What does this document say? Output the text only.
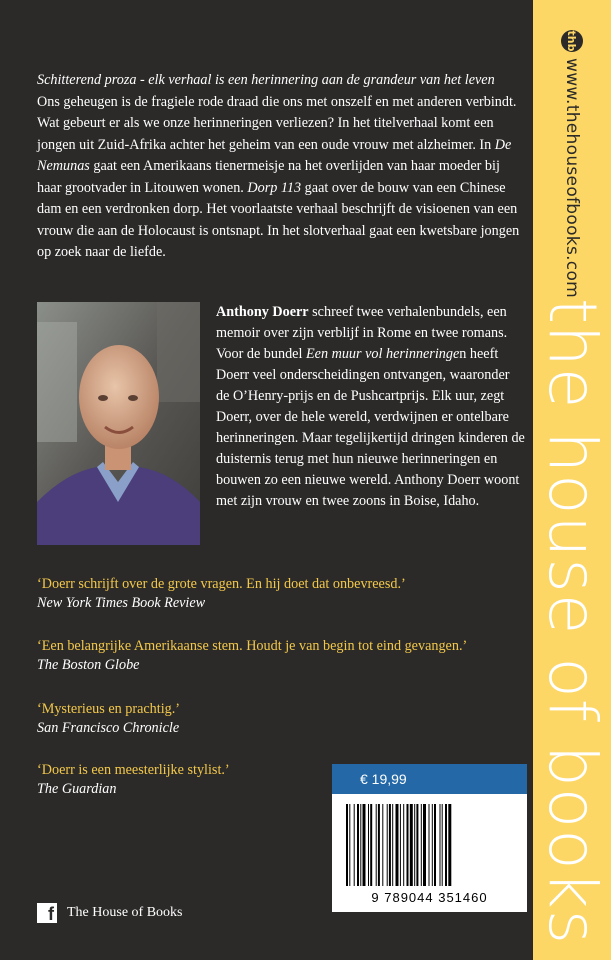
thb
www.thehouseofbooks.com
the house of books
Schitterend proza - elk verhaal is een herinnering aan de grandeur van het leven
Ons geheugen is de fragiele rode draad die ons met onszelf en met anderen verbindt. Wat gebeurt er als we onze herinneringen verliezen? In het titelverhaal komt een jongen uit Zuid-Afrika achter het geheim van een oude vrouw met alzheimer. In De Nemunas gaat een Amerikaans tienermeisje na het overlijden van haar moeder bij haar grootvader in Litouwen wonen. Dorp 113 gaat over de bouw van een Chinese dam en een verdronken dorp. Het voorlaatste verhaal beschrijft de visioenen van een vrouw die aan de Holocaust is ontsnapt. In het slotverhaal gaat een kwetsbare jongen op zoek naar de liefde.
Anthony Doerr schreef twee verhalenbundels, een memoir over zijn verblijf in Rome en twee romans. Voor de bundel Een muur vol herinneringen heeft Doerr veel onderscheidingen ontvangen, waaronder de O’Henry-prijs en de Pushcartprijs. Elk uur, zegt Doerr, over de hele wereld, verdwijnen er ontelbare herinneringen. Maar tegelijkertijd dringen kinderen de duisternis terug met hun nieuwe herinneringen en bouwen zo een nieuwe wereld. Anthony Doerr woont met zijn vrouw en twee zoons in Boise, Idaho.
‘Doerr schrijft over de grote vragen. En hij doet dat onbevreesd.’
New York Times Book Review
‘Een belangrijke Amerikaanse stem. Houdt je van begin tot eind gevangen.’
The Boston Globe
‘Mysterieus en prachtig.’
San Francisco Chronicle
‘Doerr is een meesterlijke stylist.’
The Guardian
€ 19,99
9 789044 351460
f The House of Books
